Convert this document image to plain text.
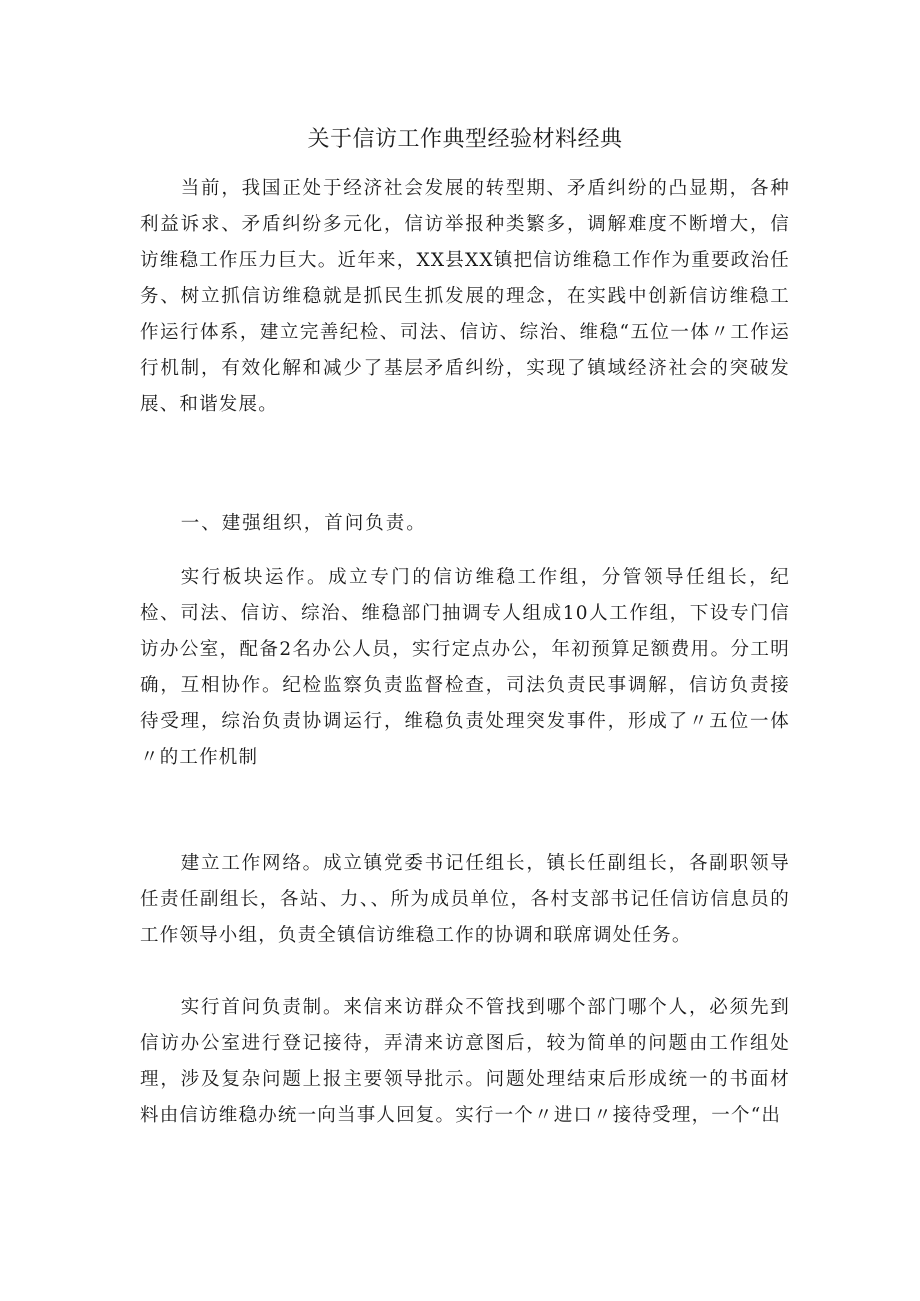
关于信访工作典型经验材料经典

当前，我国正处于经济社会发展的转型期、矛盾纠纷的凸显期，各种利益诉求、矛盾纠纷多元化，信访举报种类繁多，调解难度不断增大，信访维稳工作压力巨大。近年来，XX县XX镇把信访维稳工作作为重要政治任务、树立抓信访维稳就是抓民生抓发展的理念，在实践中创新信访维稳工作运行体系，建立完善纪检、司法、信访、综治、维稳“五位一体〃工作运行机制，有效化解和减少了基层矛盾纠纷，实现了镇域经济社会的突破发展、和谐发展。

一、建强组织，首问负责。

实行板块运作。成立专门的信访维稳工作组，分管领导任组长，纪检、司法、信访、综治、维稳部门抽调专人组成10人工作组，下设专门信访办公室，配备2名办公人员，实行定点办公，年初预算足额费用。分工明确，互相协作。纪检监察负责监督检查，司法负责民事调解，信访负责接待受理，综治负责协调运行，维稳负责处理突发事件，形成了〃五位一体〃的工作机制

建立工作网络。成立镇党委书记任组长，镇长任副组长，各副职领导任责任副组长，各站、力、、所为成员单位，各村支部书记任信访信息员的工作领导小组，负责全镇信访维稳工作的协调和联席调处任务。

实行首问负责制。来信来访群众不管找到哪个部门哪个人，必须先到信访办公室进行登记接待，弄清来访意图后，较为简单的问题由工作组处理，涉及复杂问题上报主要领导批示。问题处理结束后形成统一的书面材料由信访维稳办统一向当事人回复。实行一个〃进口〃接待受理，一个“出
